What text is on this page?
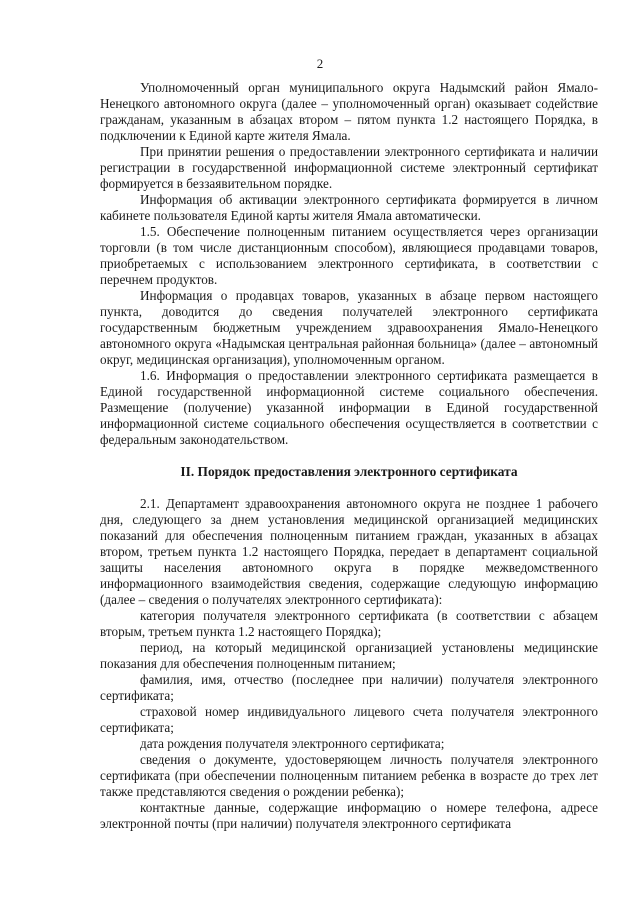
2

Уполномоченный орган муниципального округа Надымский район Ямало-Ненецкого автономного округа (далее – уполномоченный орган) оказывает содействие гражданам, указанным в абзацах втором – пятом пункта 1.2 настоящего Порядка, в подключении к Единой карте жителя Ямала.

При принятии решения о предоставлении электронного сертификата и наличии регистрации в государственной информационной системе электронный сертификат формируется в беззаявительном порядке.

Информация об активации электронного сертификата формируется в личном кабинете пользователя Единой карты жителя Ямала автоматически.

1.5. Обеспечение полноценным питанием осуществляется через организации торговли (в том числе дистанционным способом), являющиеся продавцами товаров, приобретаемых с использованием электронного сертификата, в соответствии с перечнем продуктов.

Информация о продавцах товаров, указанных в абзаце первом настоящего пункта, доводится до сведения получателей электронного сертификата государственным бюджетным учреждением здравоохранения Ямало-Ненецкого автономного округа «Надымская центральная районная больница» (далее – автономный округ, медицинская организация), уполномоченным органом.

1.6. Информация о предоставлении электронного сертификата размещается в Единой государственной информационной системе социального обеспечения. Размещение (получение) указанной информации в Единой государственной информационной системе социального обеспечения осуществляется в соответствии с федеральным законодательством.

II. Порядок предоставления электронного сертификата

2.1. Департамент здравоохранения автономного округа не позднее 1 рабочего дня, следующего за днем установления медицинской организацией медицинских показаний для обеспечения полноценным питанием граждан, указанных в абзацах втором, третьем пункта 1.2 настоящего Порядка, передает в департамент социальной защиты населения автономного округа в порядке межведомственного информационного взаимодействия сведения, содержащие следующую информацию (далее – сведения о получателях электронного сертификата):

категория получателя электронного сертификата (в соответствии с абзацем вторым, третьем пункта 1.2 настоящего Порядка);

период, на который медицинской организацией установлены медицинские показания для обеспечения полноценным питанием;

фамилия, имя, отчество (последнее при наличии) получателя электронного сертификата;

страховой номер индивидуального лицевого счета получателя электронного сертификата;

дата рождения получателя электронного сертификата;

сведения о документе, удостоверяющем личность получателя электронного сертификата (при обеспечении полноценным питанием ребенка в возрасте до трех лет также представляются сведения о рождении ребенка);

контактные данные, содержащие информацию о номере телефона, адресе электронной почты (при наличии) получателя электронного сертификата
